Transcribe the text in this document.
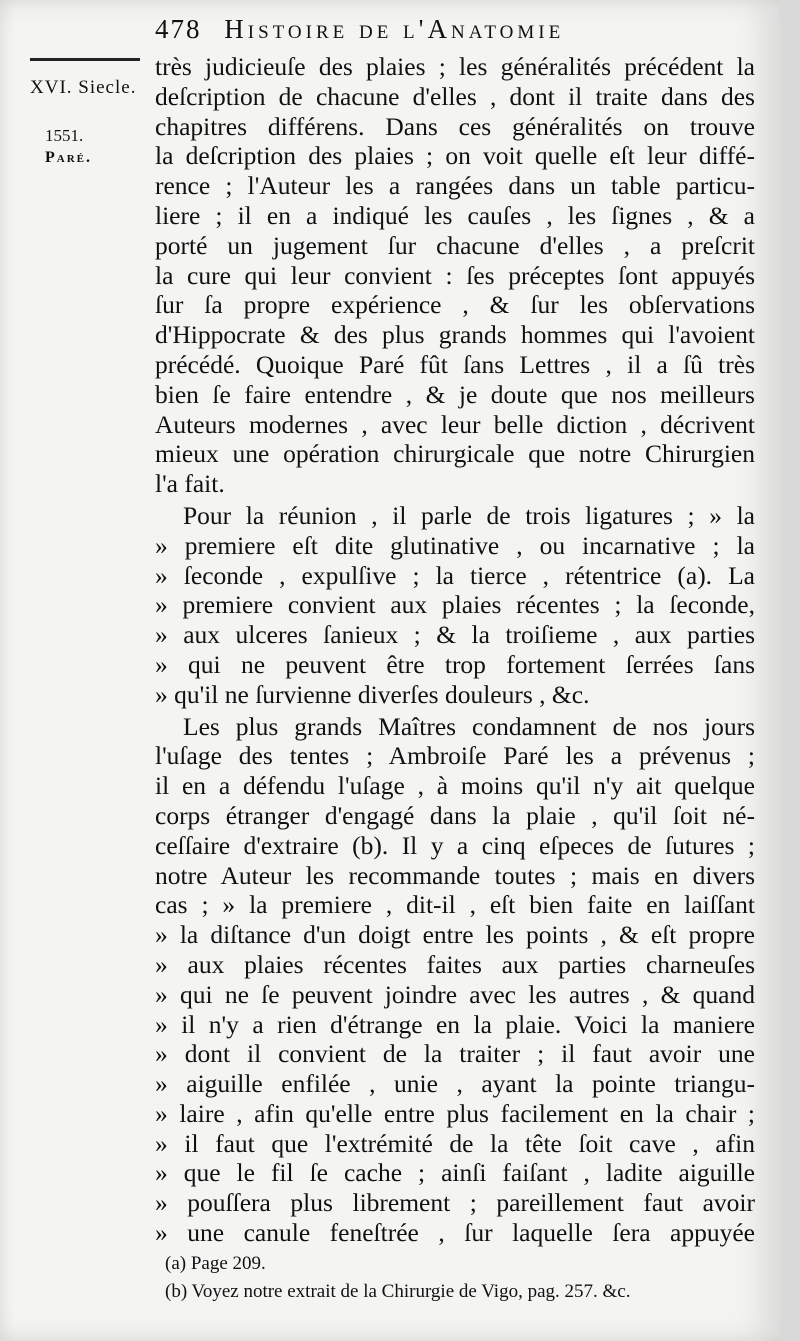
478 Histoire de l'Anatomie
XVI. Siecle.
1551.
Paré.
très judicieuſe des plaies ; les généralités précédent la
deſcription de chacune d'elles , dont il traite dans des
chapitres différens. Dans ces généralités on trouve
la deſcription des plaies ; on voit quelle eſt leur diffé-
rence ; l'Auteur les a rangées dans un table particu-
liere ; il en a indiqué les cauſes , les ſignes , & a
porté un jugement ſur chacune d'elles , a preſcrit
la cure qui leur convient : ſes préceptes ſont appuyés
ſur ſa propre expérience , & ſur les obſervations
d'Hippocrate & des plus grands hommes qui l'avoient
précédé. Quoique Paré fût ſans Lettres , il a ſû très
bien ſe faire entendre , & je doute que nos meilleurs
Auteurs modernes , avec leur belle diction , décrivent
mieux une opération chirurgicale que notre Chirurgien
l'a fait.
Pour la réunion , il parle de trois ligatures ; » la
» premiere eſt dite glutinative , ou incarnative ; la
» ſeconde , expulſive ; la tierce , rétentrice (a). La
» premiere convient aux plaies récentes ; la ſeconde,
» aux ulceres ſanieux ; & la troiſieme , aux parties
» qui ne peuvent être trop fortement ſerrées ſans
» qu'il ne ſurvienne diverſes douleurs , &c.
Les plus grands Maîtres condamnent de nos jours
l'uſage des tentes ; Ambroiſe Paré les a prévenus ;
il en a défendu l'uſage , à moins qu'il n'y ait quelque
corps étranger d'engagé dans la plaie , qu'il ſoit né-
ceſſaire d'extraire (b). Il y a cinq eſpeces de ſutures ;
notre Auteur les recommande toutes ; mais en divers
cas ; » la premiere , dit-il , eſt bien faite en laiſſant
» la diſtance d'un doigt entre les points , & eſt propre
» aux plaies récentes faites aux parties charneuſes
» qui ne ſe peuvent joindre avec les autres , & quand
» il n'y a rien d'étrange en la plaie. Voici la maniere
» dont il convient de la traiter ; il faut avoir une
» aiguille enfilée , unie , ayant la pointe triangu-
» laire , afin qu'elle entre plus facilement en la chair ;
» il faut que l'extrémité de la tête ſoit cave , afin
» que le fil ſe cache ; ainſi faiſant , ladite aiguille
» pouſſera plus librement ; pareillement faut avoir
» une canule feneſtrée , ſur laquelle ſera appuyée
(a) Page 209.
(b) Voyez notre extrait de la Chirurgie de Vigo, pag. 257. &c.
